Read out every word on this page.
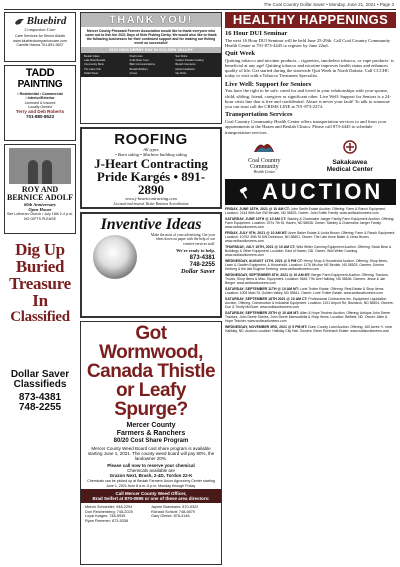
The Coal Country Dollar Saver • Monday, June 21, 2021 • Page 3
Bluebird
Companion Care
Care Services for Senior Adults
www.bluebirdcompanioncare.com
Camille Hanna 701-891-9637
TADD
PAINTING
• Residential • Commercial
• Interior/Exterior
Licensed & Insured
Locally Owned
Terry and Deb Roberts
701-880-8523
ROY AND BERNICE ADOLF
60th Anniversary
Open House
See Lutheran Church • July 18th 2-4 p.m.
NO GIFTS PLEASE
Dig Up
Buried
Treasure
In
Classified
Dollar Saver
Classifieds
873-4381
748-2255
THANK YOU!
Mercer County Pheasant Forever Association would like to thank everyone who came out to fish the 2021 Days of Kids Fishing Derby. We would also like to thank the following businesses for their continued support and for making our fishing event so successful!
2021 KIDS DERBY DAY IN GOLDEN VALLEY
Beulah Glass	Paul's Auto	Sun Shine
Lake Boat Rentals	Knife River Coal	Custom Powder Coating
Community Bank	BEK Communications	Beulah Insurance
The Lake Club	Beulah Builders	Hazen Hardware
Dollar Saver	Cenex	Vet Clinic
ROOFING
All types
• Barn siding • Machine building siding
J-Heart Contracting
Pride Kargés • 891-2890
www.j-heartcontracting.com
Licensed and insured. Better Business Accreditation
Inventive Ideas
Make the most of your advertising. Get your ideas down on paper with the help of our creative services staff.
We're ready to help.
873-4381
748-2255
Dollar Saver
Got Wormwood, Canada Thistle or Leafy Spurge?
Mercer County
Farmers & Ranchers
80/20 Cost Share Program
Mercer County Weed Board cost share program is available starting June 1, 2021. The county weed board will pay 80%, the landowner 20%.
Please call now to reserve your chemical
Chemicals available are
Grazon Next, Brash, 2-4D, Tordon 22-K
Chemicals can be picked up at Beulah Farmers Union Agronomy Center starting June 1, 2021 from 8 a.m.-5 p.m. Monday through Friday.
Call Mercer County Weed Officer,
Brad Seifert at 870-0595 or one of these area directors:
Melvin Schneider: 948-2294	Jayme Boeshans: 870-5322
Don Reichenberg: 748-2025	Richard Schlott: 748-5679
Loyal Karges: 748-5935	Gary Gierke: 878-4146
Ryan Flemmer: 873-5336
HEALTHY HAPPENINGS
16 Hour DUI Seminar
The next 16 Hour DUI Seminar will be held June 25-29th. Call Coal Country Community Health Center at 701-873-4445 to register by June 22nd.
Quit Week
Quitting tobacco and nicotine products – cigarettes, smokeless tobacco, or vape products- is beneficial at any age! Quitting tobacco and nicotine improves health status and enhances quality of life. Get started during the statewide Quit Week in North Dakota. Call CCCHC today to visit with a Tobacco Treatment Specialist.
Live Well: Support for Seniors
You have the right to be safe, cared for and loved in your relationships with your spouse, child, sibling, friend, caregiver or significant other. Live Well: Support for Seniors is a 24-hour crisis line that is free and confidential. Abuse is never your fault! To talk to someone you can trust call the CRISIS LINE at 701-873-2274.
Transportation Services
Coal Country Community Health Center offers transportation services to and from your appointments at the Hazen and Beulah Clinics. Please call 873-4445 to schedule transportation services.
Coal Country
Community
Health Center
Sakakawea
Medical Center
AUCTION
FRIDAY, JUNE 18TH, 2021 @ 10 AM CT: John Smith Estate Auction. Offering: Farm & Ranch Equipment. Location: 2144 56th Ave SW Beulah, ND 58523. Owner: John Smith Family. www.wolfauctioneers.com
SATURDAY, JUNE 19TH @ 10 AM CT: Stanley & Charmaine Jaeger Family Farm Equipment Auction. Offering: Farm Equipment. Location: 2974 7th St. Hazen, ND 58638. Owner: Stanley & Charmaine Jaeger Family. www.wolfauctioneers.com
FRIDAY, JULY 9TH, 2021 @ 10 AM MT: Anne Baker Estate & Linda Brown. Offering: Farm & Ranch Equipment. Location: 10752 39th St SW Dickinson, ND 58601. Owner: The Late Anne Baker & Linda Brown. www.wolfauctioneers.com
THURSDAY, JULY 15TH, 2021 @ 10 AM CT: Wild Writer Canning Equipment Auction. Offering: Stock Bear & Buildings & Other Equipment. Location: East of Hazen, ND. Owner: Wild Writer Canning. www.wolfauctioneers.com
WEDNESDAY, AUGUST 11TH, 2021 @ 5 PM CT: Henry Shop & Household Auction. Offering: Shop Items, Lawn & Garden Equipment, & Household. Location: 1176 6th Ave NE Beulah, ND 58523. Owners: Dorrine Kerberg & the late Eugene Kerberg. www.wolfauctioneers.com
WEDNESDAY, SEPTEMBER 8TH, 2021 @ 10 AM MT: Berger Farm Equipment Auction. Offering: Tractors, Trucks, Shop Items & Misc. Equipment. Location: 5646 77th Ave Halliday, ND 58636. Owners: Jesse & Jan Berger. www.wolfauctioneers.com
SATURDAY, SEPTEMBER 11TH @ 10 AM MT: Lorie Trotter Estate. Offering: Real Estate & Shop Items. Location: 1005 Main St, Golden Valley, ND 58541. Owner: Lorie Trotter Estate. www.wolfauctioneers.com
SATURDAY, SEPTEMBER 18TH 2021 @ 10 AM CT: Professional Contractors Inc. Equipment Liquidation Auction. Offering: Construction & Industrial Equipment. Location: 1101 Airport Rd, Bismarck, ND 58504. Owners: Don & Trinity McGuire. www.wolfauctioneers.com
SATURDAY, SEPTEMBER 25TH @ 10 AM MT: Allen & Hope Tescher Auction. Offering: Antique John Deere Tractors, John Deere Sickles, John Deere Memorabilia & Shop Items. Location: Belfield, ND. Owner: Allen & Hope Tescher. www.wolfauctioneers.com
WEDNESDAY, NOVEMBER 3RD, 2021 @ 5 PM MT: Dunn County Land Auction. Offering: 160 Acres +/- near Halliday, ND. Auction Location: Halliday City Hall. Owners: Elmer Rohrbach Estate. www.wolfauctioneers.com
